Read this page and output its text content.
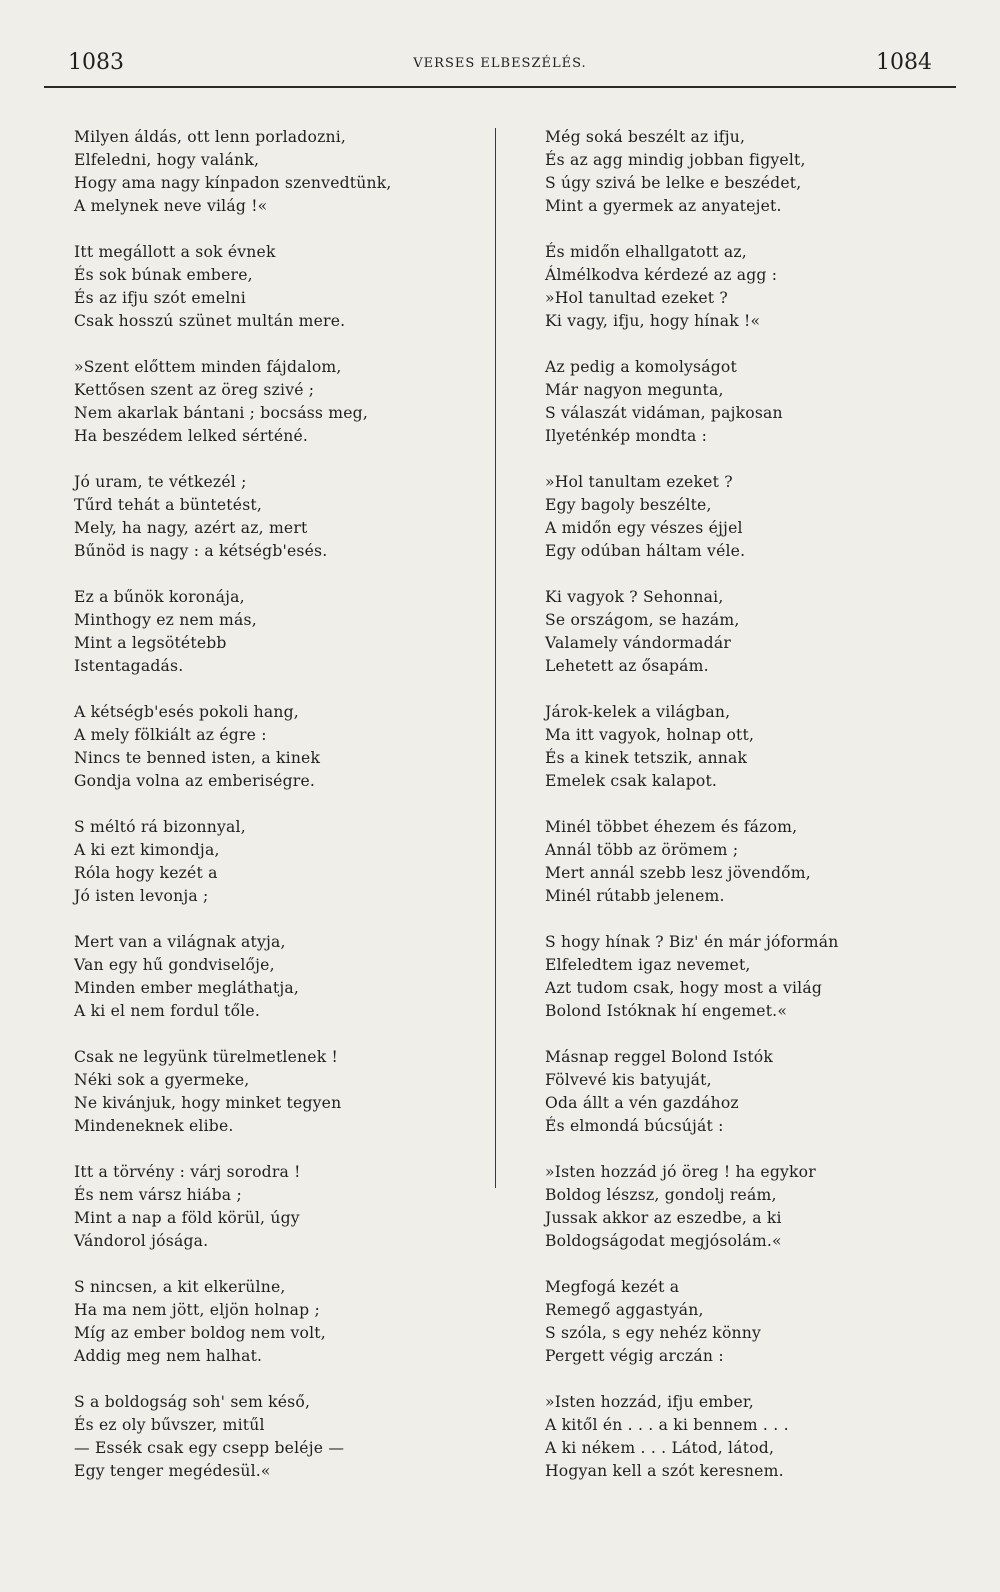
1083	VERSES ELBESZÉLÉS.	1084
Milyen áldás, ott lenn porladozni,
Elfeledni, hogy valánk,
Hogy ama nagy kínpadon szenvedtünk,
A melynek neve világ !«
Itt megállott a sok évnek
És sok búnak embere,
És az ifju szót emelni
Csak hosszú szünet multán mere.
»Szent előttem minden fájdalom,
Kettősen szent az öreg szivé ;
Nem akarlak bántani ; bocsáss meg,
Ha beszédem lelked sérténé.
Jó uram, te vétkezél ;
Tűrd tehát a büntetést,
Mely, ha nagy, azért az, mert
Bűnöd is nagy : a kétségb'esés.
Ez a bűnök koronája,
Minthogy ez nem más,
Mint a legsötétebb
Istentagadás.
A kétségb'esés pokoli hang,
A mely fölkiált az égre :
Nincs te benned isten, a kinek
Gondja volna az emberiségre.
S méltó rá bizonnyal,
A ki ezt kimondja,
Róla hogy kezét a
Jó isten levonja ;
Mert van a világnak atyja,
Van egy hű gondviselője,
Minden ember megláthatja,
A ki el nem fordul tőle.
Csak ne legyünk türelmetlenek !
Néki sok a gyermeke,
Ne kivánjuk, hogy minket tegyen
Mindeneknek elibe.
Itt a törvény : várj sorodra !
És nem vársz hiába ;
Mint a nap a föld körül, úgy
Vándorol jósága.
S nincsen, a kit elkerülne,
Ha ma nem jött, eljön holnap ;
Míg az ember boldog nem volt,
Addig meg nem halhat.
S a boldogság soh' sem késő,
És ez oly bűvszer, mitűl
— Essék csak egy csepp beléje —
Egy tenger megédesül.«
Még soká beszélt az ifju,
És az agg mindig jobban figyelt,
S úgy szivá be lelke e beszédet,
Mint a gyermek az anyatejet.
És midőn elhallgatott az,
Álmélkodva kérdezé az agg :
»Hol tanultad ezeket ?
Ki vagy, ifju, hogy hínak !«
Az pedig a komolyságot
Már nagyon megunta,
S válaszát vidáman, pajkosan
Ilyeténkép mondta :
»Hol tanultam ezeket ?
Egy bagoly beszélte,
A midőn egy vészes éjjel
Egy odúban háltam véle.
Ki vagyok ? Sehonnai,
Se országom, se hazám,
Valamely vándormadár
Lehetett az ősapám.
Járok-kelek a világban,
Ma itt vagyok, holnap ott,
És a kinek tetszik, annak
Emelek csak kalapot.
Minél többet éhezem és fázom,
Annál több az örömem ;
Mert annál szebb lesz jövendőm,
Minél rútabb jelenem.
S hogy hínak ? Biz' én már jóformán
Elfeledtem igaz nevemet,
Azt tudom csak, hogy most a világ
Bolond Istóknak hí engemet.«
Másnap reggel Bolond Istók
Fölvevé kis batyuját,
Oda állt a vén gazdához
És elmondá búcsúját :
»Isten hozzád jó öreg ! ha egykor
Boldog lészsz, gondolj reám,
Jussak akkor az eszedbe, a ki
Boldogságodat megjósolám.«
Megfogá kezét a
Remegő aggastyán,
S szóla, s egy nehéz könny
Pergett végig arczán :
»Isten hozzád, ifju ember,
A kitől én . . . a ki bennem . . .
A ki nékem . . . Látod, látod,
Hogyan kell a szót keresnem.
